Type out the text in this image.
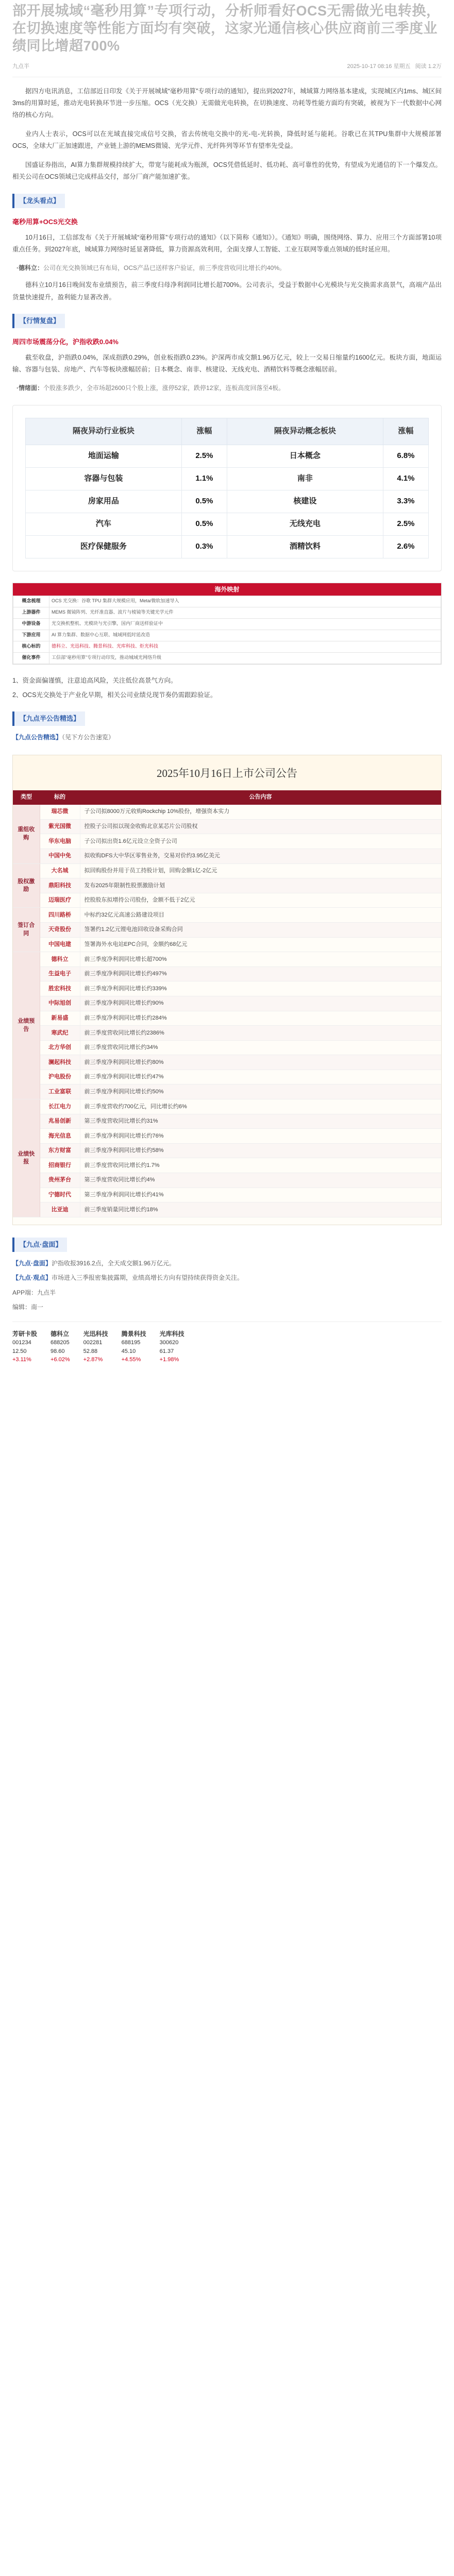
部开展城域“毫秒用算”专项行动，分析师看好OCS无需做光电转换，在切换速度等性能方面均有突破，这家光通信核心供应商前三季度业绩同比增超700%
九点半	2025-10-17 08:16 星期五 阅读 1.2万

据四方电讯消息，工信部近日印发《关于开展城域“毫秒用算”专项行动的通知》，提出到2027年，城域算力网络基本建成，实现城区内1ms、城区间3ms的用算时延，推动光电转换环节进一步压缩。OCS（光交换）无需做光电转换，在切换速度、功耗等性能方面均有突破，被视为下一代数据中心网络的核心方向。

业内人士表示，OCS可以在光域直接完成信号交换，省去传统电交换中的光-电-光转换，降低时延与能耗。谷歌已在其TPU集群中大规模部署OCS，全球大厂正加速跟进，产业链上游的MEMS微镜、光学元件、光纤阵列等环节有望率先受益。

国盛证券指出，AI算力集群规模持续扩大，带宽与能耗成为瓶颈，OCS凭借低延时、低功耗、高可靠性的优势，有望成为光通信的下一个爆发点。相关公司在OCS领域已完成样品交付，部分厂商产能加速扩张。

【龙头看点】
毫秒用算+OCS光交换

10月16日，工信部发布《关于开展城域“毫秒用算”专项行动的通知》（以下简称《通知》）。《通知》明确，围绕网络、算力、应用三个方面部署10项重点任务。到2027年底，城域算力网络时延显著降低，算力资源高效利用，全面支撑人工智能、工业互联网等重点领域的低时延应用。

·德科立：公司在光交换领域已有布局，OCS产品已送样客户验证，前三季度营收同比增长约40%。

德科立10月16日晚间发布业绩预告，前三季度归母净利润同比增长超700%。公司表示，受益于数据中心光模块与光交换需求高景气，高端产品出货量快速提升，盈利能力显著改善。

【行情复盘】
周四市场震荡分化，沪指收跌0.04%

截至收盘，沪指跌0.04%，深成指跌0.29%，创业板指跌0.23%。沪深两市成交额1.96万亿元，较上一交易日缩量约1600亿元。板块方面，地面运输、容器与包装、房地产、汽车等板块涨幅居前；日本概念、南非、核建设、无线充电、酒精饮料等概念涨幅居前。

·情绪面：个股涨多跌少，全市场超2600只个股上涨，涨停52家，跌停12家，连板高度回落至4板。

隔夜异动行业板块	涨幅	隔夜异动概念板块	涨幅
地面运输	2.5%	日本概念	6.8%
容器与包装	1.1%	南非	4.1%
房家用品	0.5%	核建设	3.3%
汽车	0.5%	无线充电	2.5%
医疗保健服务	0.3%	酒精饮料	2.6%
海外映射
概念梳理	OCS 光交换：谷歌 TPU 集群大规模应用，Meta/微软加速导入
上游器件	MEMS 微镜阵列、光纤准直器、波片与棱镜等关键光学元件
中游设备	光交换机整机、光模块与光引擎，国内厂商送样验证中
下游应用	AI 算力集群、数据中心互联、城域网低时延改造
核心标的	德科立、光迅科技、腾景科技、光库科技、炬光科技
催化事件	工信部“毫秒用算”专项行动印发，推动城域光网络升级

1、资金面偏谨慎，注意追高风险，关注低位高景气方向。

2、OCS光交换处于产业化早期，相关公司业绩兑现节奏仍需跟踪验证。

【九点半公告精选】

【九点公告精选】（见下方公告速览）

2025年10月16日上市公司公告
类型	标的	公告内容
重组收购	瑞芯微	子公司拟8000万元收购Rockchip 10%股份，增强资本实力
	紫光国微	控股子公司拟以现金收购北京某芯片公司股权
	华东电脑	子公司拟出资1.6亿元设立全资子公司
	中国中免	拟收购DFS大中华区零售业务，交易对价约3.95亿美元
股权激励	大名城	拟回购股份并用于员工持股计划，回购金额1亿-2亿元
	鼎阳科技	发布2025年限制性股票激励计划
	迈瑞医疗	控股股东拟增持公司股份，金额不低于2亿元
签订合同	四川路桥	中标约32亿元高速公路建设项目
	天奇股份	签署约1.2亿元锂电池回收设备采购合同
	中国电建	签署海外水电站EPC合同，金额约68亿元
业绩预告	德科立	前三季度净利润同比增长超700%
	生益电子	前三季度净利润同比增长约497%
	胜宏科技	前三季度净利润同比增长约339%
	中际旭创	前三季度净利润同比增长约90%
	新易盛	前三季度净利润同比增长约284%
	寒武纪	前三季度营收同比增长约2386%
	北方华创	前三季度营收同比增长约34%
	澜起科技	前三季度净利润同比增长约80%
	沪电股份	前三季度净利润同比增长约47%
	工业富联	前三季度净利润同比增长约50%
业绩快报	长江电力	前三季度营收约700亿元，同比增长约6%
	兆易创新	第三季度营收同比增长约31%
	海光信息	前三季度净利润同比增长约76%
	东方财富	前三季度净利润同比增长约58%
	招商银行	前三季度营收同比增长约1.7%
	贵州茅台	第三季度营收同比增长约4%
	宁德时代	第三季度净利润同比增长约41%
	比亚迪	前三季度销量同比增长约18%
【九点·盘面】

【九点·盘面】沪指收报3916.2点，全天成交额1.96万亿元。

【九点·观点】市场进入三季报密集披露期，业绩高增长方向有望持续获得资金关注。

APP端：九点半

编辑：南一

芳研卡股
001234
12.50
+3.11%
德科立
688205
98.60
+6.02%
光迅科技
002281
52.88
+2.87%
腾景科技
688195
45.10
+4.55%
光库科技
300620
61.37
+1.98%
